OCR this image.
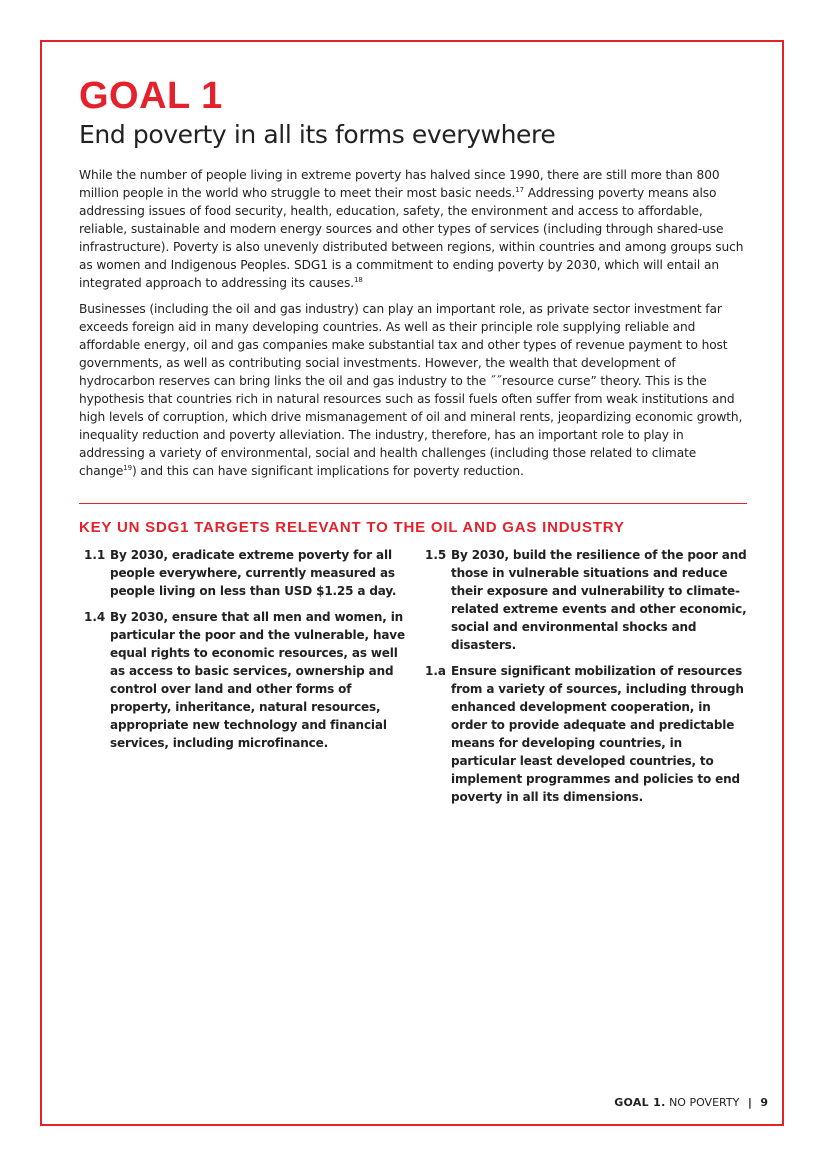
GOAL 1
End poverty in all its forms everywhere

While the number of people living in extreme poverty has halved since 1990, there are still more than 800 million people in the world who struggle to meet their most basic needs.$^{17}$ Addressing poverty means also addressing issues of food security, health, education, safety, the environment and access to affordable, reliable, sustainable and modern energy sources and other types of services (including through shared-use infrastructure). Poverty is also unevenly distributed between regions, within countries and among groups such as women and Indigenous Peoples. SDG1 is a commitment to ending poverty by 2030, which will entail an integrated approach to addressing its causes.$^{18}$

Businesses (including the oil and gas industry) can play an important role, as private sector investment far exceeds foreign aid in many developing countries. As well as their principle role supplying reliable and affordable energy, oil and gas companies make substantial tax and other types of revenue payment to host governments, as well as contributing social investments. However, the wealth that development of hydrocarbon reserves can bring links the oil and gas industry to the ˝˝resource curse” theory. This is the hypothesis that countries rich in natural resources such as fossil fuels often suffer from weak institutions and high levels of corruption, which drive mismanagement of oil and mineral rents, jeopardizing economic growth, inequality reduction and poverty alleviation. The industry, therefore, has an important role to play in addressing a variety of environmental, social and health challenges (including those related to climate change$^{19}$) and this can have significant implications for poverty reduction.

KEY UN SDG1 TARGETS RELEVANT TO THE OIL AND GAS INDUSTRY
1.1 By 2030, eradicate extreme poverty for all people everywhere, currently measured as people living on less than USD $1.25 a day.
1.4 By 2030, ensure that all men and women, in particular the poor and the vulnerable, have equal rights to economic resources, as well as access to basic services, ownership and control over land and other forms of property, inheritance, natural resources, appropriate new technology and financial services, including microfinance.
1.5 By 2030, build the resilience of the poor and those in vulnerable situations and reduce their exposure and vulnerability to climate-related extreme events and other economic, social and environmental shocks and disasters.
1.a Ensure significant mobilization of resources from a variety of sources, including through enhanced development cooperation, in order to provide adequate and predictable means for developing countries, in particular least developed countries, to implement programmes and policies to end poverty in all its dimensions.
GOAL 1. NO POVERTY | 9
